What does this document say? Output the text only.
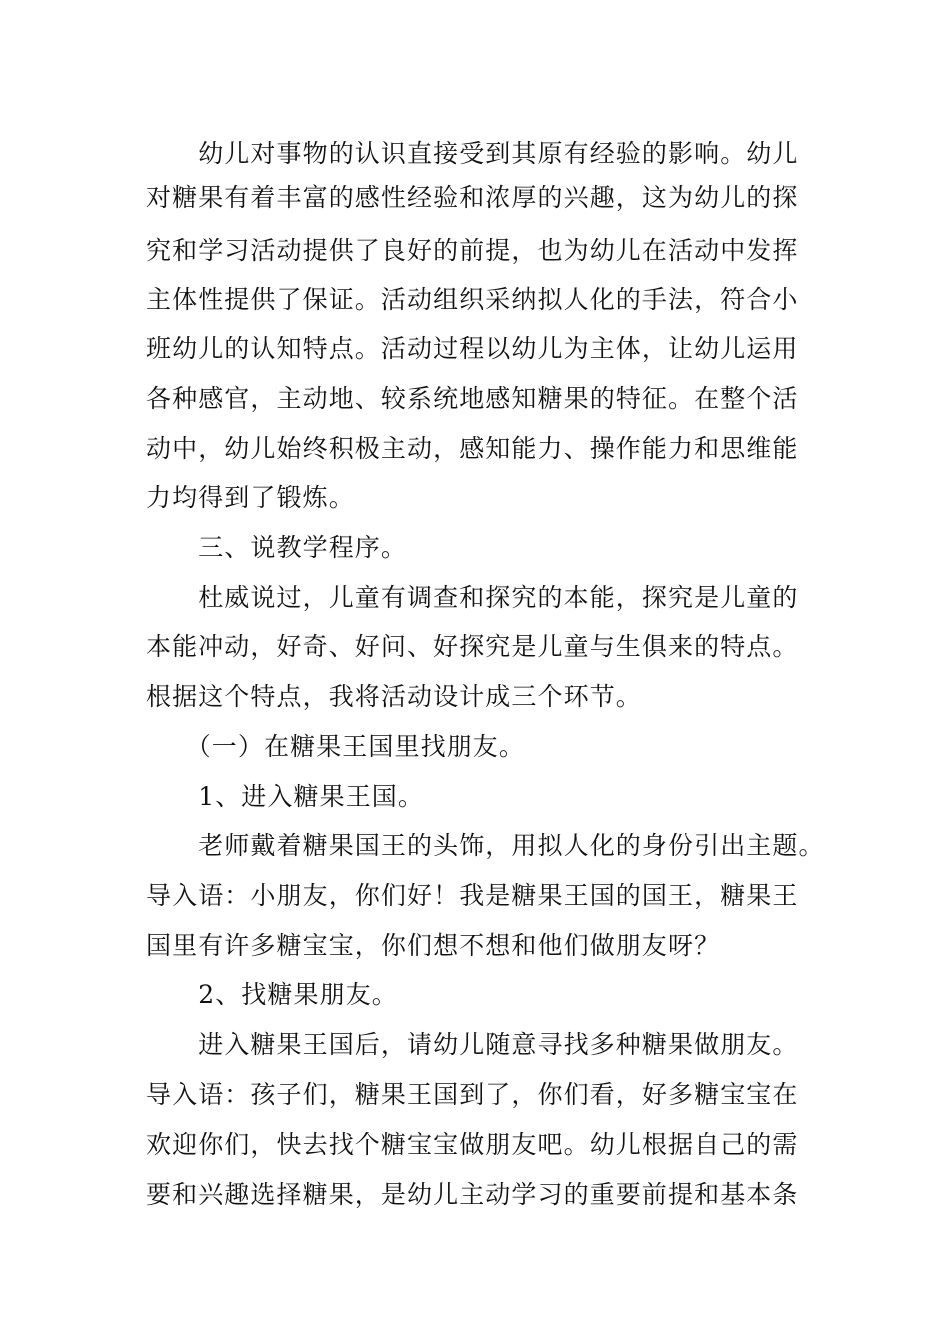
　　幼儿对事物的认识直接受到其原有经验的影响。幼儿
对糖果有着丰富的感性经验和浓厚的兴趣，这为幼儿的探
究和学习活动提供了良好的前提，也为幼儿在活动中发挥
主体性提供了保证。活动组织采纳拟人化的手法，符合小
班幼儿的认知特点。活动过程以幼儿为主体，让幼儿运用
各种感官，主动地、较系统地感知糖果的特征。在整个活
动中，幼儿始终积极主动，感知能力、操作能力和思维能
力均得到了锻炼。
　　三、说教学程序。
　　杜威说过，儿童有调查和探究的本能，探究是儿童的
本能冲动，好奇、好问、好探究是儿童与生俱来的特点。
根据这个特点，我将活动设计成三个环节。
　　（一）在糖果王国里找朋友。
　　1、进入糖果王国。
　　老师戴着糖果国王的头饰，用拟人化的身份引出主题。
导入语：小朋友，你们好！我是糖果王国的国王，糖果王
国里有许多糖宝宝，你们想不想和他们做朋友呀？
　　2、找糖果朋友。
　　进入糖果王国后，请幼儿随意寻找多种糖果做朋友。
导入语：孩子们，糖果王国到了，你们看，好多糖宝宝在
欢迎你们，快去找个糖宝宝做朋友吧。幼儿根据自己的需
要和兴趣选择糖果，是幼儿主动学习的重要前提和基本条
